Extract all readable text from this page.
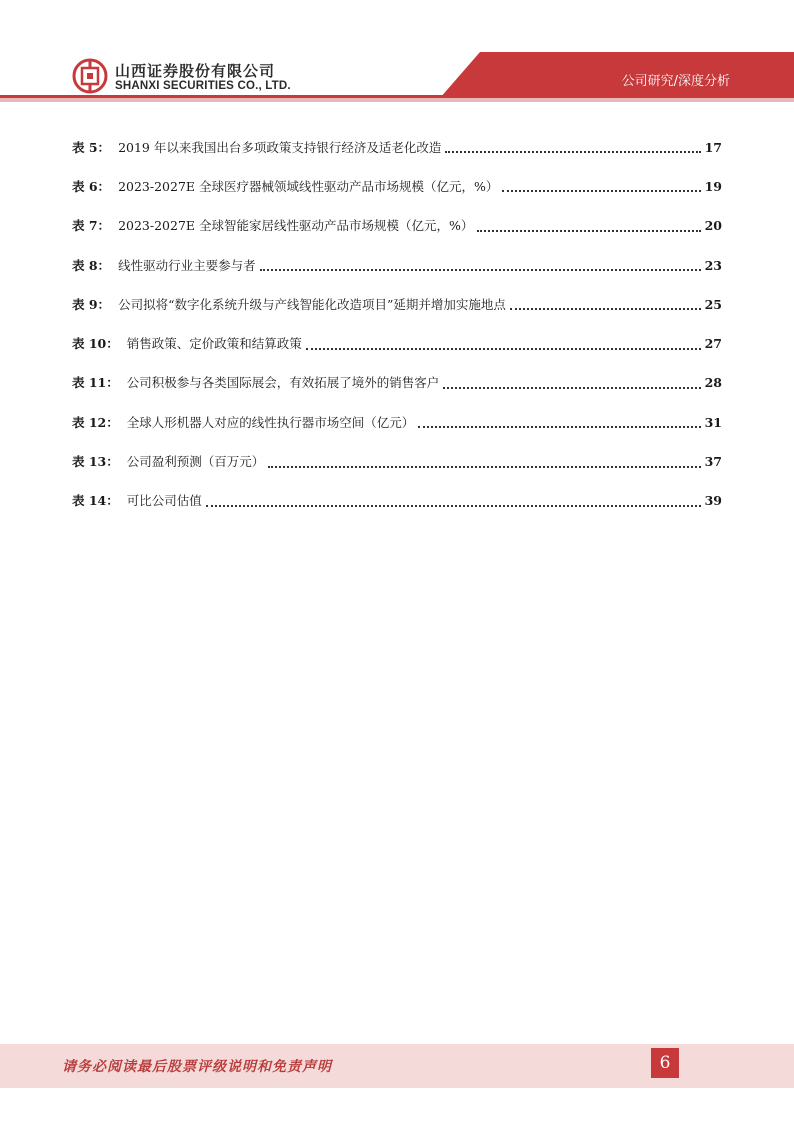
山西证券股份有限公司
SHANXI SECURITIES CO., LTD.	公司研究/深度分析
表 5： 2019 年以来我国出台多项政策支持银行经济及适老化改造	17
表 6： 2023-2027E 全球医疗器械领域线性驱动产品市场规模（亿元，%）	19
表 7： 2023-2027E 全球智能家居线性驱动产品市场规模（亿元，%）	20
表 8： 线性驱动行业主要参与者	23
表 9： 公司拟将“数字化系统升级与产线智能化改造项目”延期并增加实施地点	25
表 10： 销售政策、定价政策和结算政策	27
表 11： 公司积极参与各类国际展会，有效拓展了境外的销售客户	28
表 12： 全球人形机器人对应的线性执行器市场空间（亿元）	31
表 13： 公司盈利预测（百万元）	37
表 14： 可比公司估值	39
请务必阅读最后股票评级说明和免责声明	6
